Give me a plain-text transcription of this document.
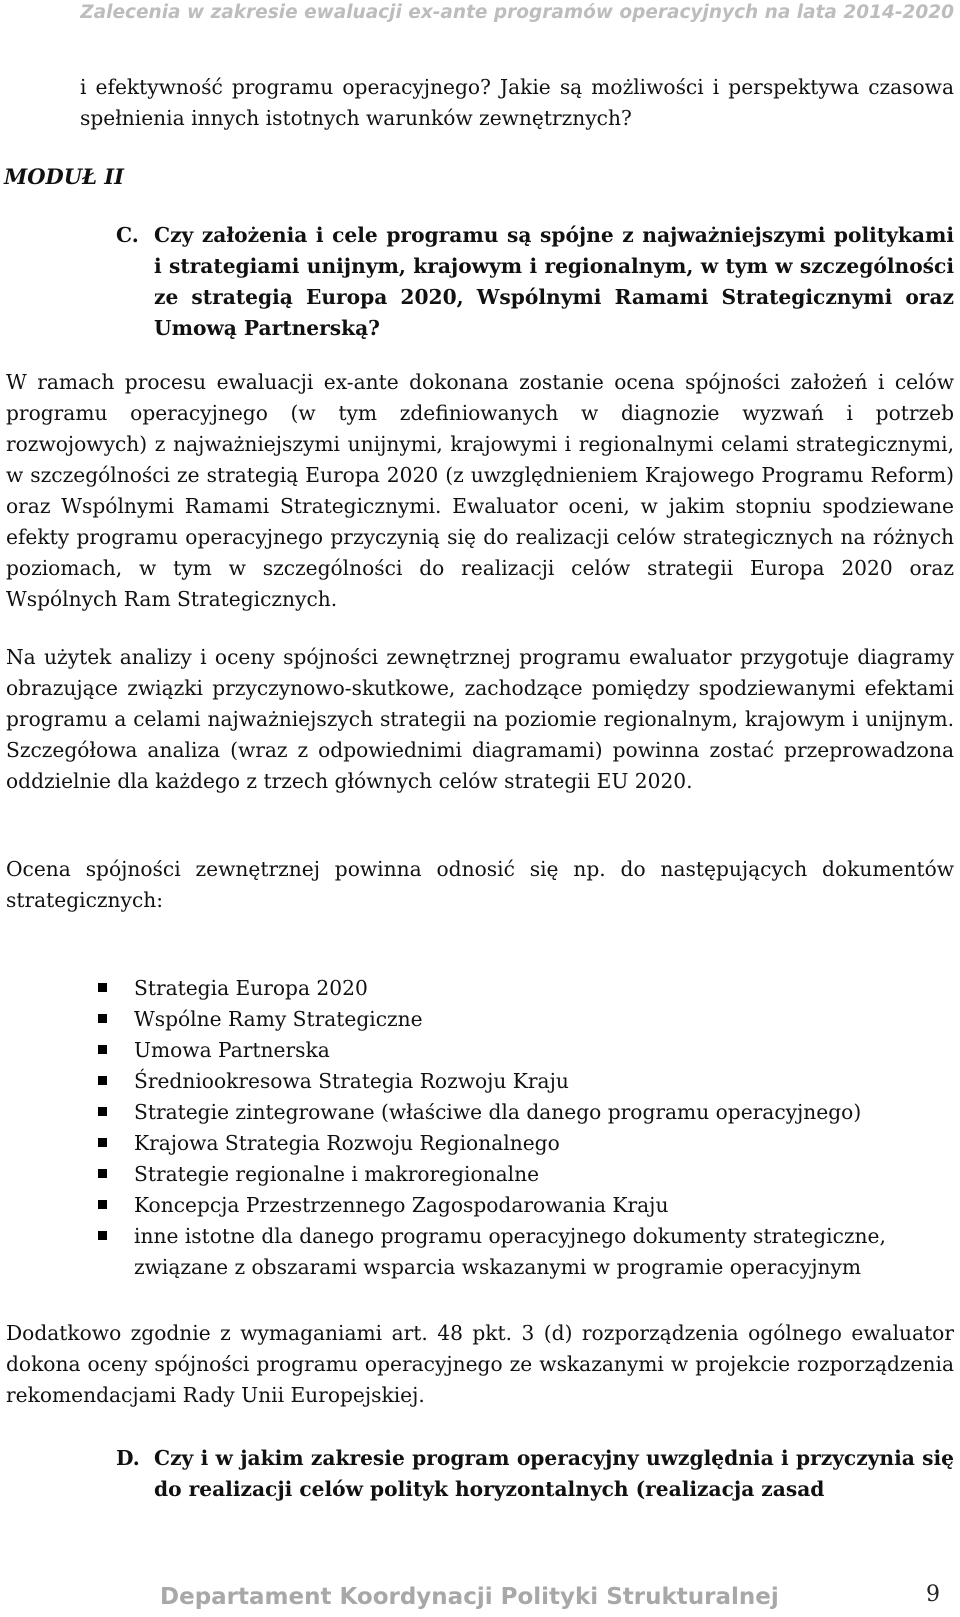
Zalecenia w zakresie ewaluacji ex-ante programów operacyjnych na lata 2014-2020
i efektywność programu operacyjnego? Jakie są możliwości i perspektywa czasowa spełnienia innych istotnych warunków zewnętrznych?
MODUŁ II
C. Czy założenia i cele programu są spójne z najważniejszymi politykami i strategiami unijnym, krajowym i regionalnym, w tym w szczególności ze strategią Europa 2020, Wspólnymi Ramami Strategicznymi oraz Umową Partnerską?
W ramach procesu ewaluacji ex-ante dokonana zostanie ocena spójności założeń i celów programu operacyjnego (w tym zdefiniowanych w diagnozie wyzwań i potrzeb rozwojowych) z najważniejszymi unijnymi, krajowymi i regionalnymi celami strategicznymi, w szczególności ze strategią Europa 2020 (z uwzględnieniem Krajowego Programu Reform) oraz Wspólnymi Ramami Strategicznymi. Ewaluator oceni, w jakim stopniu spodziewane efekty programu operacyjnego przyczynią się do realizacji celów strategicznych na różnych poziomach, w tym w szczególności do realizacji celów strategii Europa 2020 oraz Wspólnych Ram Strategicznych.
Na użytek analizy i oceny spójności zewnętrznej programu ewaluator przygotuje diagramy obrazujące związki przyczynowo-skutkowe, zachodzące pomiędzy spodziewanymi efektami programu a celami najważniejszych strategii na poziomie regionalnym, krajowym i unijnym. Szczegółowa analiza (wraz z odpowiednimi diagramami) powinna zostać przeprowadzona oddzielnie dla każdego z trzech głównych celów strategii EU 2020.
Ocena spójności zewnętrznej powinna odnosić się np. do następujących dokumentów strategicznych:
Strategia Europa 2020
Wspólne Ramy Strategiczne
Umowa Partnerska
Średniookresowa Strategia Rozwoju Kraju
Strategie zintegrowane (właściwe dla danego programu operacyjnego)
Krajowa Strategia Rozwoju Regionalnego
Strategie regionalne i makroregionalne
Koncepcja Przestrzennego Zagospodarowania Kraju
inne istotne dla danego programu operacyjnego dokumenty strategiczne, związane z obszarami wsparcia wskazanymi w programie operacyjnym
Dodatkowo zgodnie z wymaganiami art. 48 pkt. 3 (d) rozporządzenia ogólnego ewaluator dokona oceny spójności programu operacyjnego ze wskazanymi w projekcie rozporządzenia rekomendacjami Rady Unii Europejskiej.
D. Czy i w jakim zakresie program operacyjny uwzględnia i przyczynia się do realizacji celów polityk horyzontalnych (realizacja zasad
Departament Koordynacji Polityki Strukturalnej	9
